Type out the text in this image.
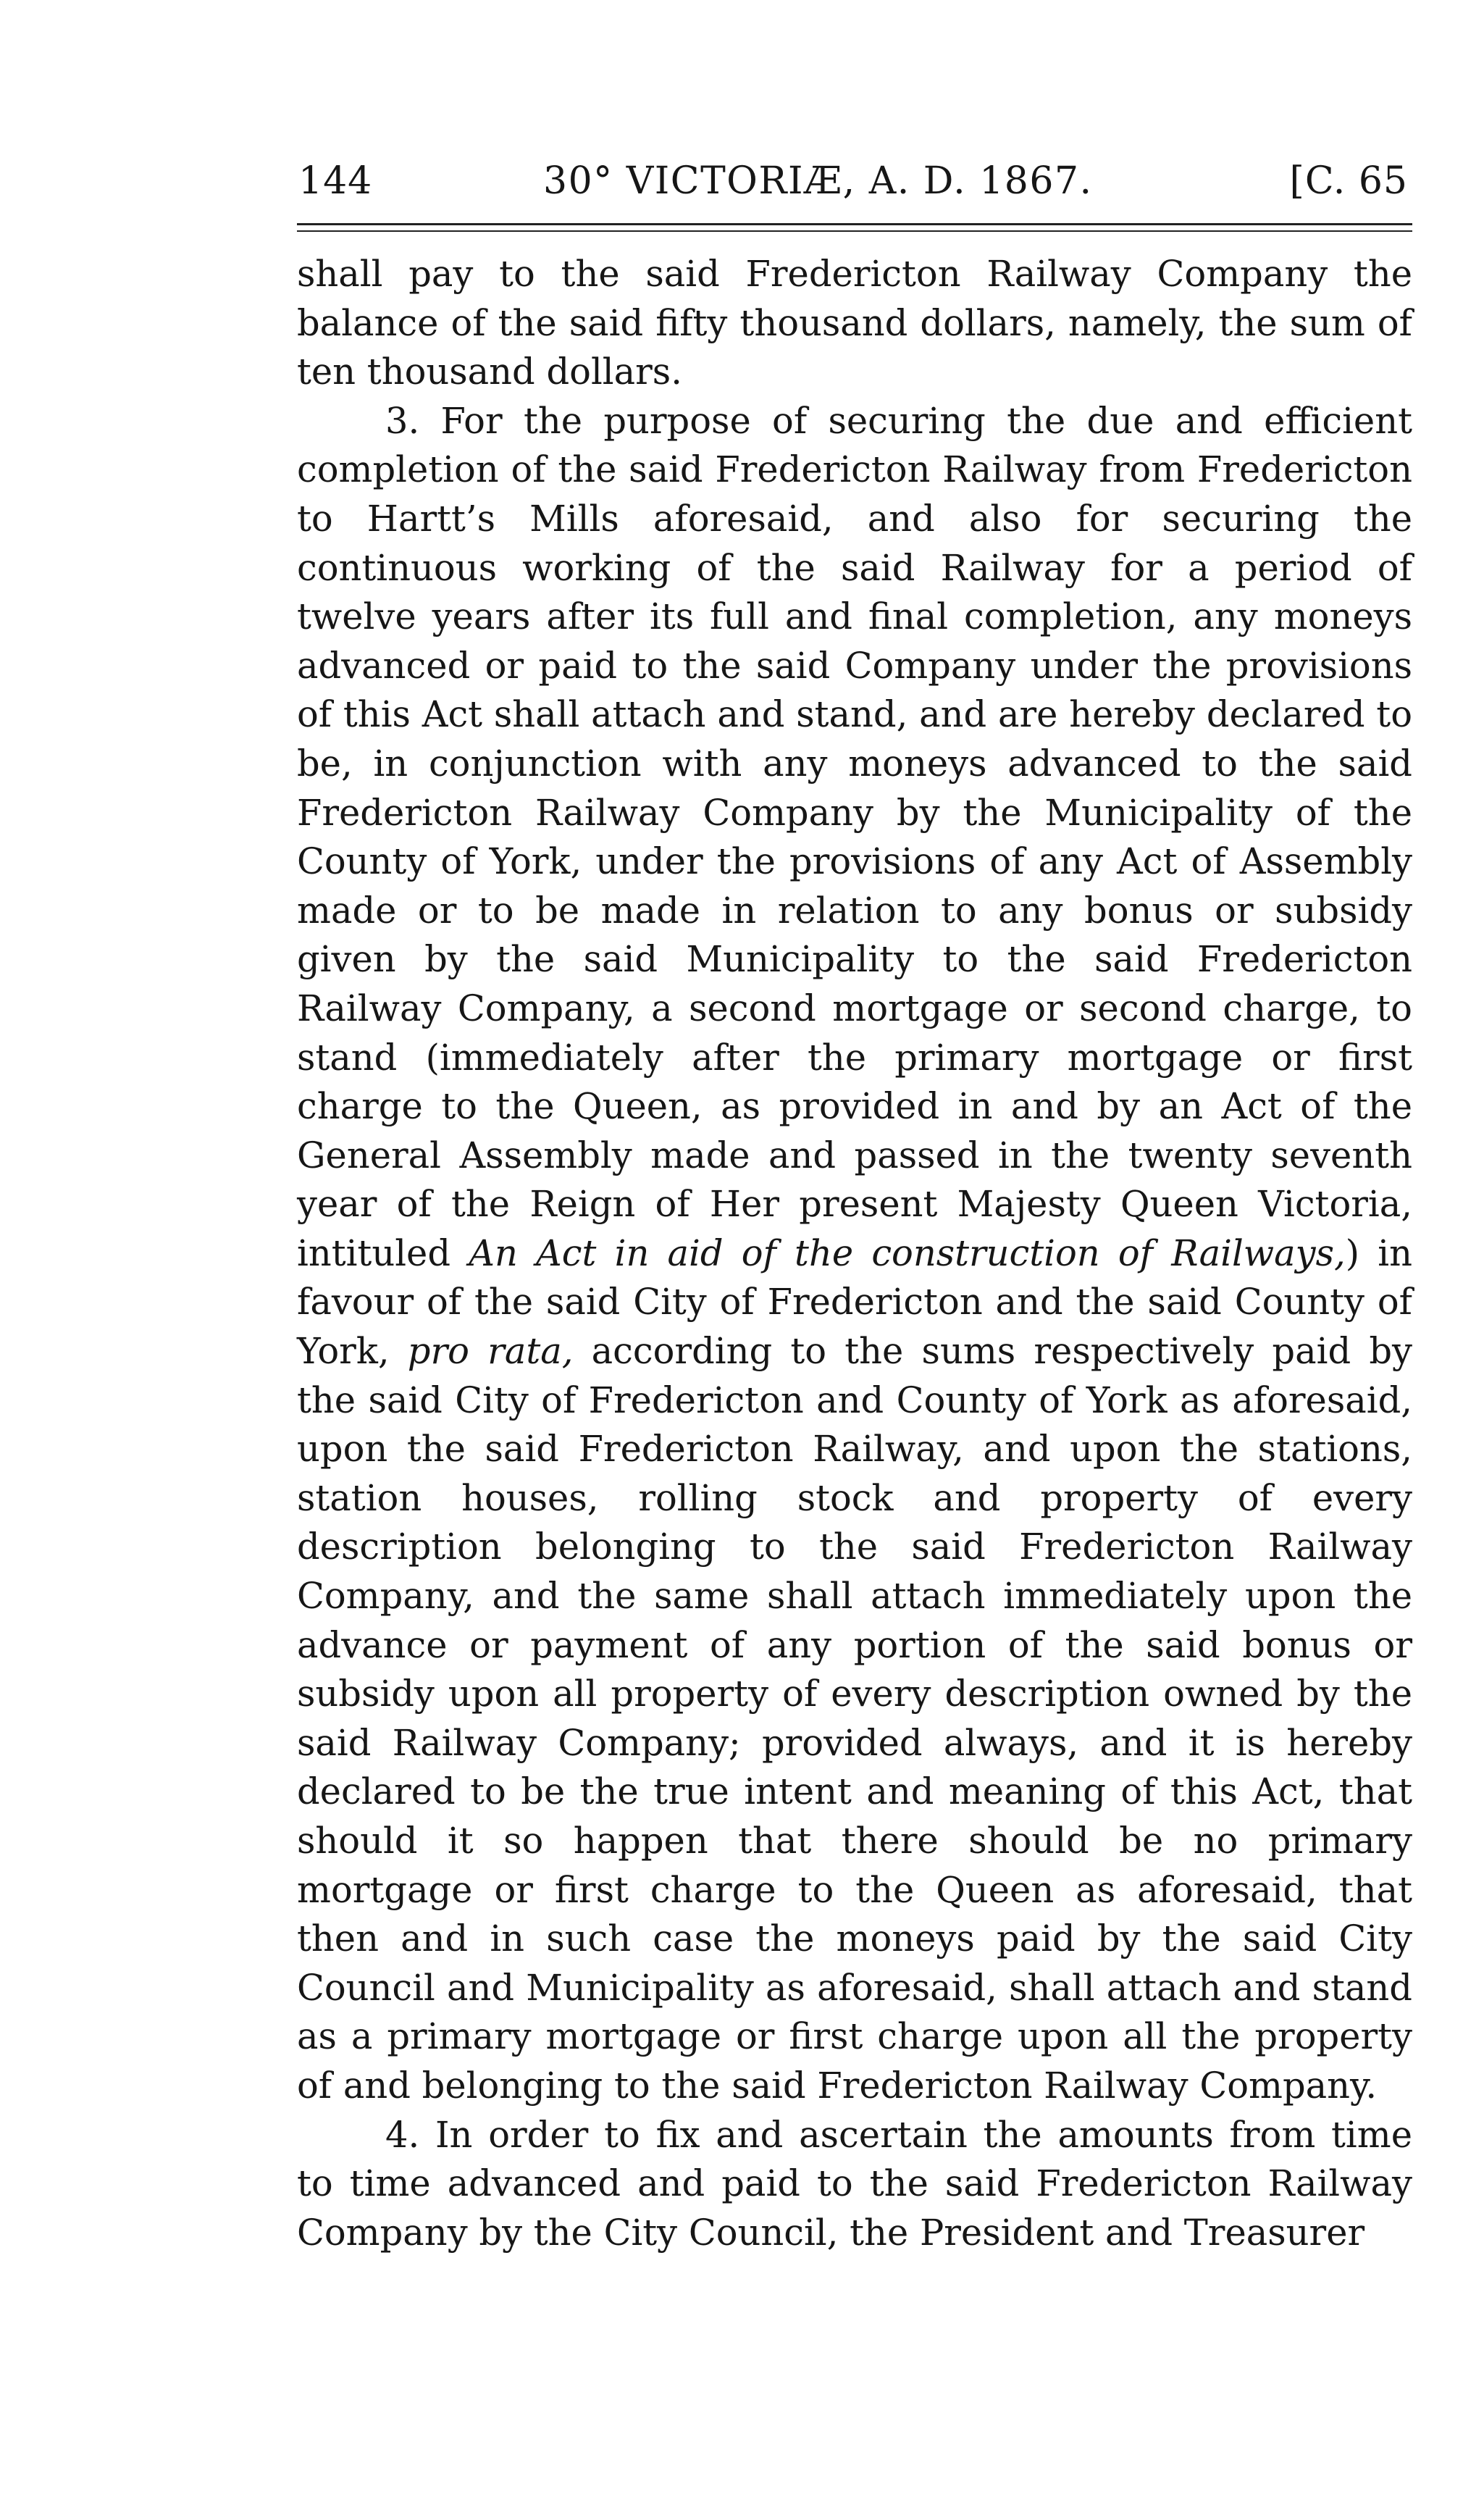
144	30° VICTORIÆ, A. D. 1867.	[C. 65

shall pay to the said Fredericton Railway Company the balance of the said fifty thousand dollars, namely, the sum of ten thousand dollars.

3. For the purpose of securing the due and efficient completion of the said Fredericton Railway from Fredericton to Hartt’s Mills aforesaid, and also for securing the continuous working of the said Railway for a period of twelve years after its full and final completion, any moneys advanced or paid to the said Company under the provisions of this Act shall attach and stand, and are hereby declared to be, in conjunction with any moneys advanced to the said Fredericton Railway Company by the Municipality of the County of York, under the provisions of any Act of Assembly made or to be made in relation to any bonus or subsidy given by the said Municipality to the said Fredericton Railway Company, a second mortgage or second charge, to stand (immediately after the primary mortgage or first charge to the Queen, as provided in and by an Act of the General Assembly made and passed in the twenty seventh year of the Reign of Her present Majesty Queen Victoria, intituled An Act in aid of the construction of Railways,) in favour of the said City of Fredericton and the said County of York, pro rata, according to the sums respectively paid by the said City of Fredericton and County of York as aforesaid, upon the said Fredericton Railway, and upon the stations, station houses, rolling stock and property of every description belonging to the said Fredericton Railway Company, and the same shall attach immediately upon the advance or payment of any portion of the said bonus or subsidy upon all property of every description owned by the said Railway Company; provided always, and it is hereby declared to be the true intent and meaning of this Act, that should it so happen that there should be no primary mortgage or first charge to the Queen as aforesaid, that then and in such case the moneys paid by the said City Council and Municipality as aforesaid, shall attach and stand as a primary mortgage or first charge upon all the property of and belonging to the said Fredericton Railway Company.

4. In order to fix and ascertain the amounts from time to time advanced and paid to the said Fredericton Railway Company by the City Council, the President and Treasurer
